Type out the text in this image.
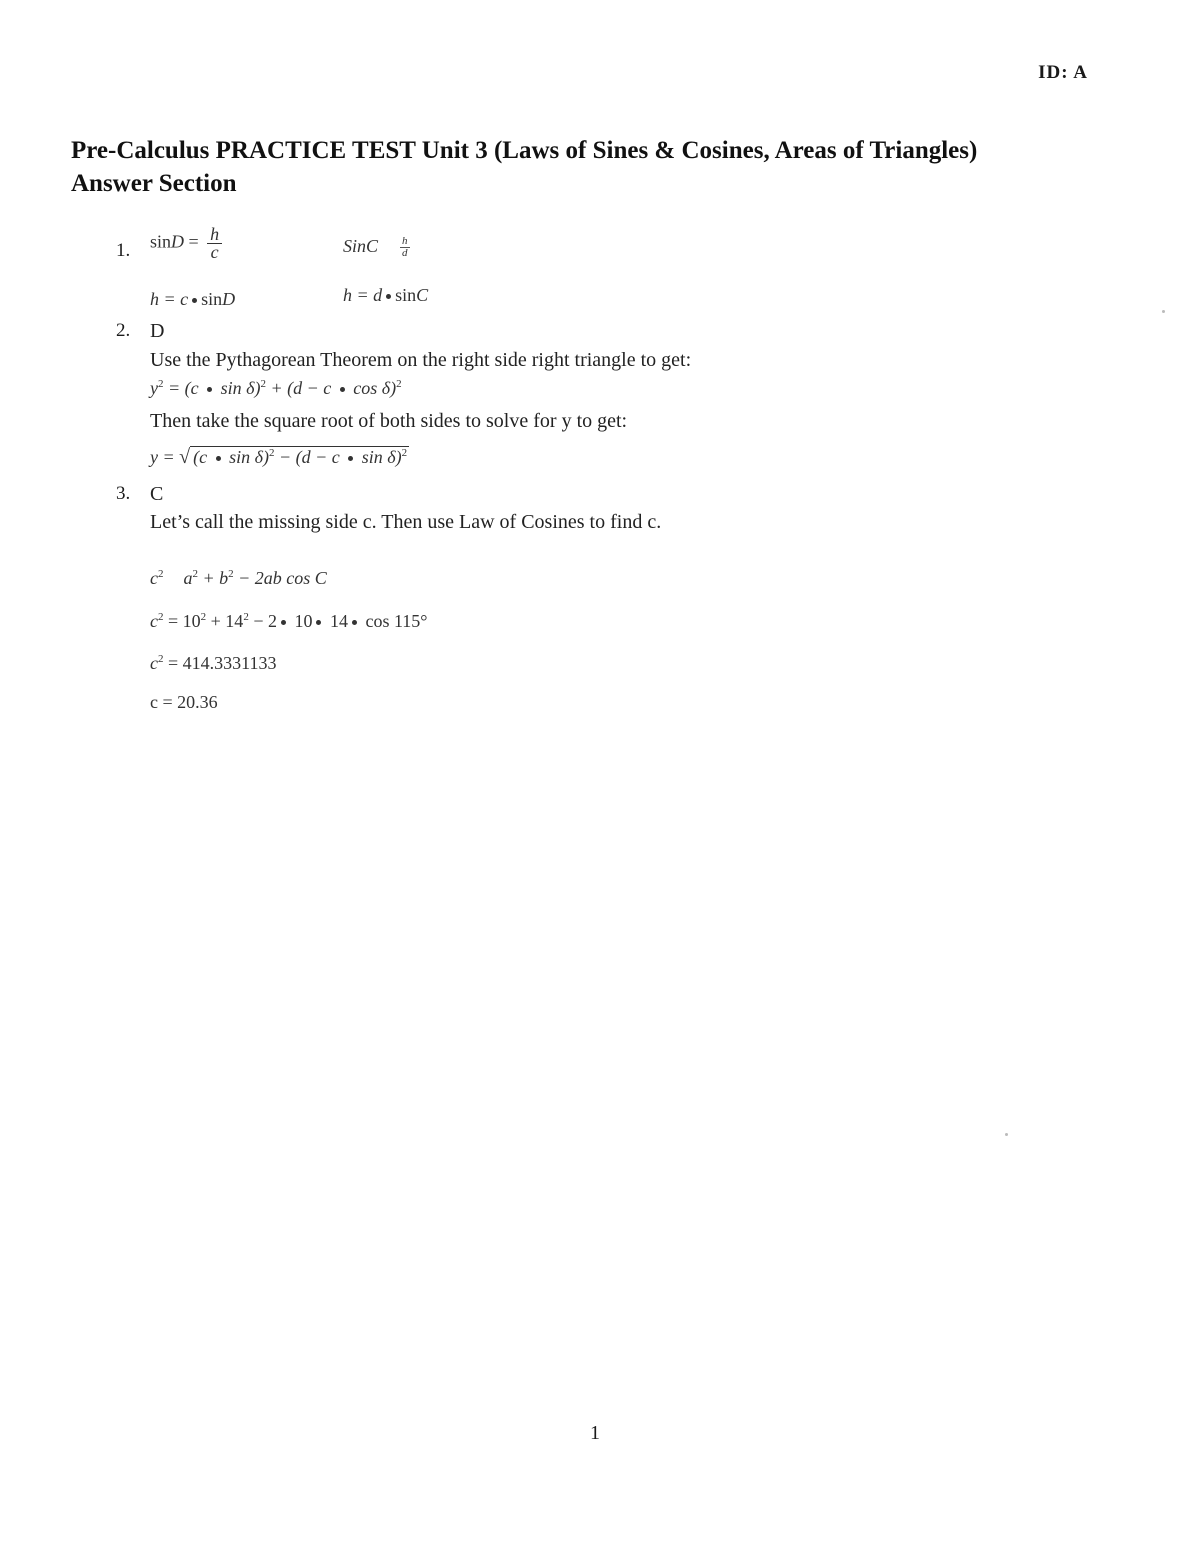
ID: A
Pre-Calculus PRACTICE TEST Unit 3 (Laws of Sines & Cosines, Areas of Triangles)
Answer Section
1. $\sin D = \frac{h}{c}$	SinC $\frac{h}{d}$
h = c sinD	h = d sinC
2. D
Use the Pythagorean Theorem on the right side right triangle to get:
$y^2 = (c$  sin δ)$^2$ + (d − c  cos δ)$^2$
Then take the square root of both sides to solve for y to get:
y = √ (c  sin δ)$^2$ − (d − c  sin δ)$^2$
3. C
Let’s call the missing side c. Then use Law of Cosines to find c.
$c^2$ $a^2 + b^2 - 2ab$ cos C
$c^2 = 10^2 + 14^2 - 2$ 10 14 cos 115°
$c^2 = 414.3331133$
c = 20.36
1
